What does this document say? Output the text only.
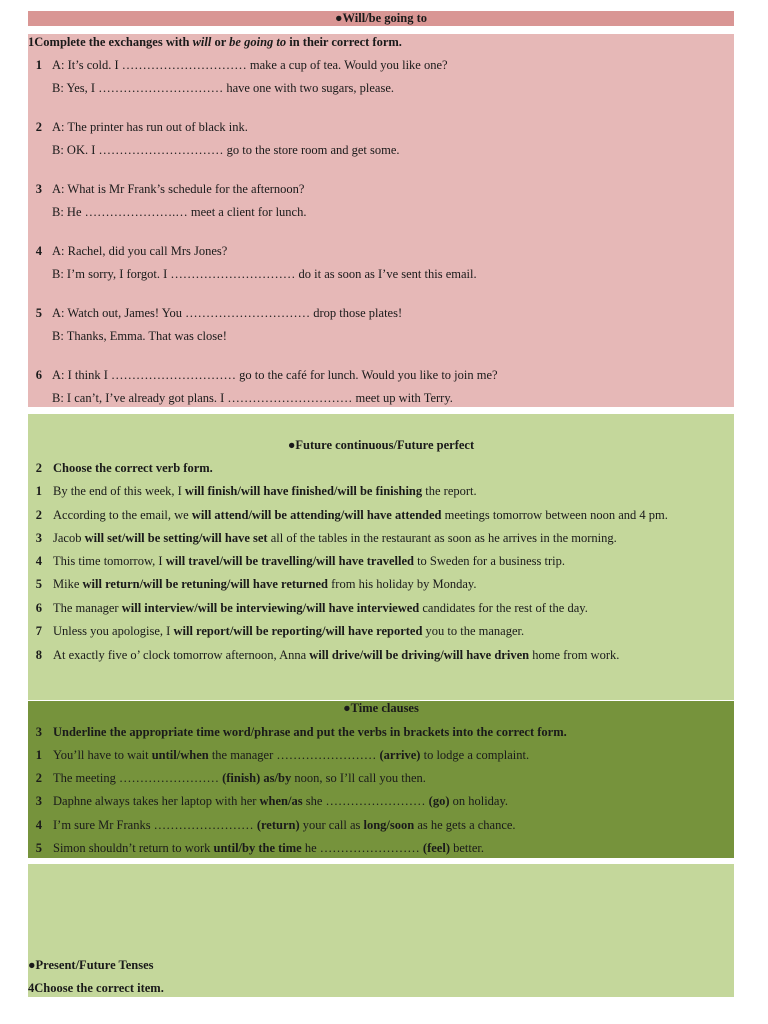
●Will/be going to
1Complete the exchanges with will or be going to in their correct form.
1 A: It’s cold. I ………………………… make a cup of tea. Would you like one?
B: Yes, I ………………………… have one with two sugars, please.
2 A: The printer has run out of black ink.
B: OK. I ………………………… go to the store room and get some.
3 A: What is Mr Frank’s schedule for the afternoon?
B: He ………………….… meet a client for lunch.
4 A: Rachel, did you call Mrs Jones?
B: I’m sorry, I forgot. I ………………………… do it as soon as I’ve sent this email.
5 A: Watch out, James! You ………………………… drop those plates!
B: Thanks, Emma. That was close!
6 A: I think I ………………………… go to the café for lunch. Would you like to join me?
B: I can’t, I’ve already got plans. I ………………………… meet up with Terry.
●Future continuous/Future perfect
2 Choose the correct verb form.
1 By the end of this week, I will finish/will have finished/will be finishing the report.
2 According to the email, we will attend/will be attending/will have attended meetings tomorrow between noon and 4 pm.
3 Jacob will set/will be setting/will have set all of the tables in the restaurant as soon as he arrives in the morning.
4 This time tomorrow, I will travel/will be travelling/will have travelled to Sweden for a business trip.
5 Mike will return/will be retuning/will have returned from his holiday by Monday.
6 The manager will interview/will be interviewing/will have interviewed candidates for the rest of the day.
7 Unless you apologise, I will report/will be reporting/will have reported you to the manager.
8 At exactly five o’ clock tomorrow afternoon, Anna will drive/will be driving/will have driven home from work.
●Time clauses
3 Underline the appropriate time word/phrase and put the verbs in brackets into the correct form.
1 You’ll have to wait until/when the manager …………………… (arrive) to lodge a complaint.
2 The meeting …………………… (finish) as/by noon, so I’ll call you then.
3 Daphne always takes her laptop with her when/as she …………………… (go) on holiday.
4 I’m sure Mr Franks …………………… (return) your call as long/soon as he gets a chance.
5 Simon shouldn’t return to work until/by the time he …………………… (feel) better.
●Present/Future Tenses
4Choose the correct item.
